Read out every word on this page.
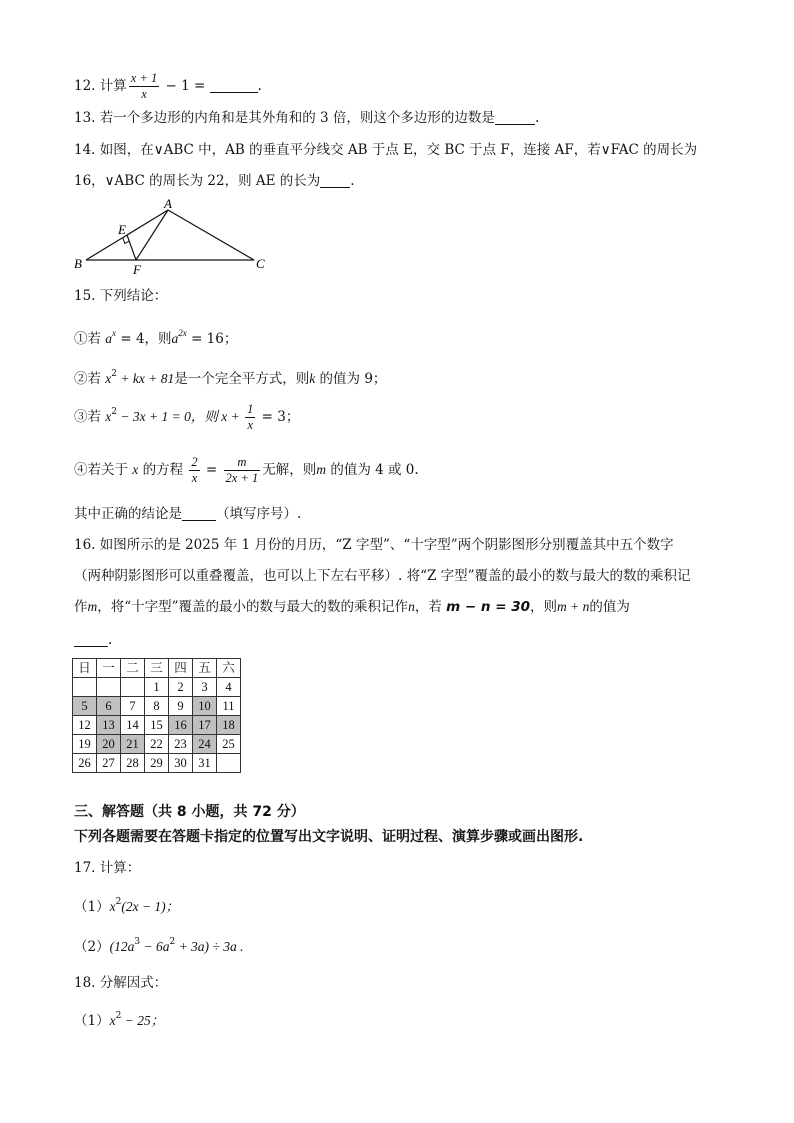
12. 计算 $\frac{x + 1}{x} - 1$ =	.
13. 若一个多边形的内角和是其外角和的 3 倍，则这个多边形的边数是	.
14. 如图，在∨ABC 中，AB 的垂直平分线交 AB 于点 E，交 BC 于点 F，连接 AF，若∨FAC 的周长为
16，∨ABC 的周长为 22，则 AE 的长为 .
A
B	C
E
F
15. 下列结论：
①若 $a^x = 4$，则$a^{2x} = 16$；
②若 $x^2$ + kx + 81是一个完全平方式，则k 的值为 9；
③若 $x^2 - 3x + 1 = 0$，则 $x + \frac{1}{x} = 3$；
④若关于 x 的方程 $\frac{2}{x} = \frac{m}{2x + 1}$ 无解，则m 的值为 4 或 0.
其中正确的结论是	（填写序号）.
16. 如图所示的是 2025 年 1 月份的月历，“Z 字型”、“十字型”两个阴影图形分别覆盖其中五个数字
（两种阴影图形可以重叠覆盖，也可以上下左右平移）. 将“Z 字型”覆盖的最小的数与最大的数的乘积记
作m，将“十字型”覆盖的最小的数与最大的数的乘积记作n，若 m − n = 30，则m + n的值为
.
日	一	二	三	四	五	六
			1	2	3	4
5	6	7	8	9	10	11
12	13	14	15	16	17	18
19	20	21	22	23	24	25
26	27	28	29	30	31	
三、解答题（共 8 小题，共 72 分）
下列各题需要在答题卡指定的位置写出文字说明、证明过程、演算步骤或画出图形.
17. 计算：
$(1)x^2(2x - 1)$；
$(2)(12a^3 - 6a^2 + 3a) \div 3a$ .
18. 分解因式：
$(1)x^2 - 25$；
